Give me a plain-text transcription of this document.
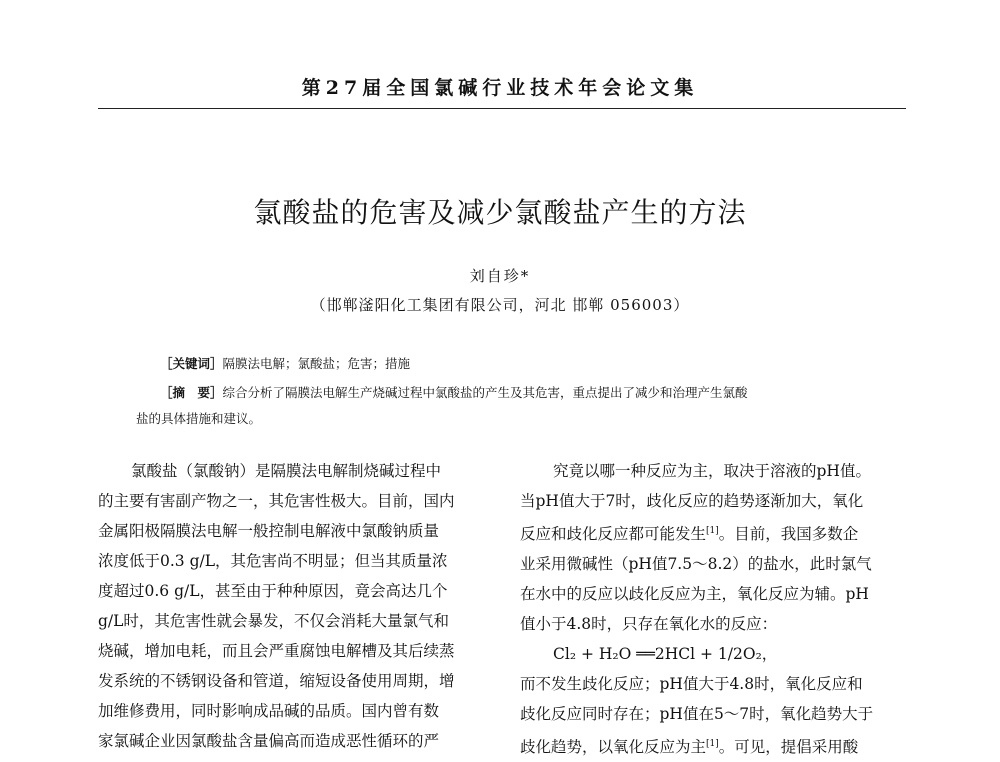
第27届全国氯碱行业技术年会论文集
氯酸盐的危害及减少氯酸盐产生的方法
刘自珍*
（邯郸滏阳化工集团有限公司，河北 邯郸 056003）
［关键词］隔膜法电解；氯酸盐；危害；措施
［摘　要］综合分析了隔膜法电解生产烧碱过程中氯酸盐的产生及其危害，重点提出了减少和治理产生氯酸
盐的具体措施和建议。
氯酸盐（氯酸钠）是隔膜法电解制烧碱过程中
的主要有害副产物之一，其危害性极大。目前，国内
金属阳极隔膜法电解一般控制电解液中氯酸钠质量
浓度低于0.3 g/L，其危害尚不明显；但当其质量浓
度超过0.6 g/L，甚至由于种种原因，竟会高达几个
g/L时，其危害性就会暴发，不仅会消耗大量氯气和
烧碱，增加电耗，而且会严重腐蚀电解槽及其后续蒸
发系统的不锈钢设备和管道，缩短设备使用周期，增
加维修费用，同时影响成品碱的品质。国内曾有数
家氯碱企业因氯酸盐含量偏高而造成恶性循环的严
究竟以哪一种反应为主，取决于溶液的pH值。
当pH值大于7时，歧化反应的趋势逐渐加大，氧化
反应和歧化反应都可能发生[1]。目前，我国多数企
业采用微碱性（pH值7.5～8.2）的盐水，此时氯气
在水中的反应以歧化反应为主，氧化反应为辅。pH
值小于4.8时，只存在氧化水的反应：
Cl₂ + H₂O ══2HCl + 1/2O₂，
而不发生歧化反应；pH值大于4.8时，氧化反应和
歧化反应同时存在；pH值在5～7时，氧化趋势大于
歧化趋势，以氧化反应为主[1]。可见，提倡采用酸
